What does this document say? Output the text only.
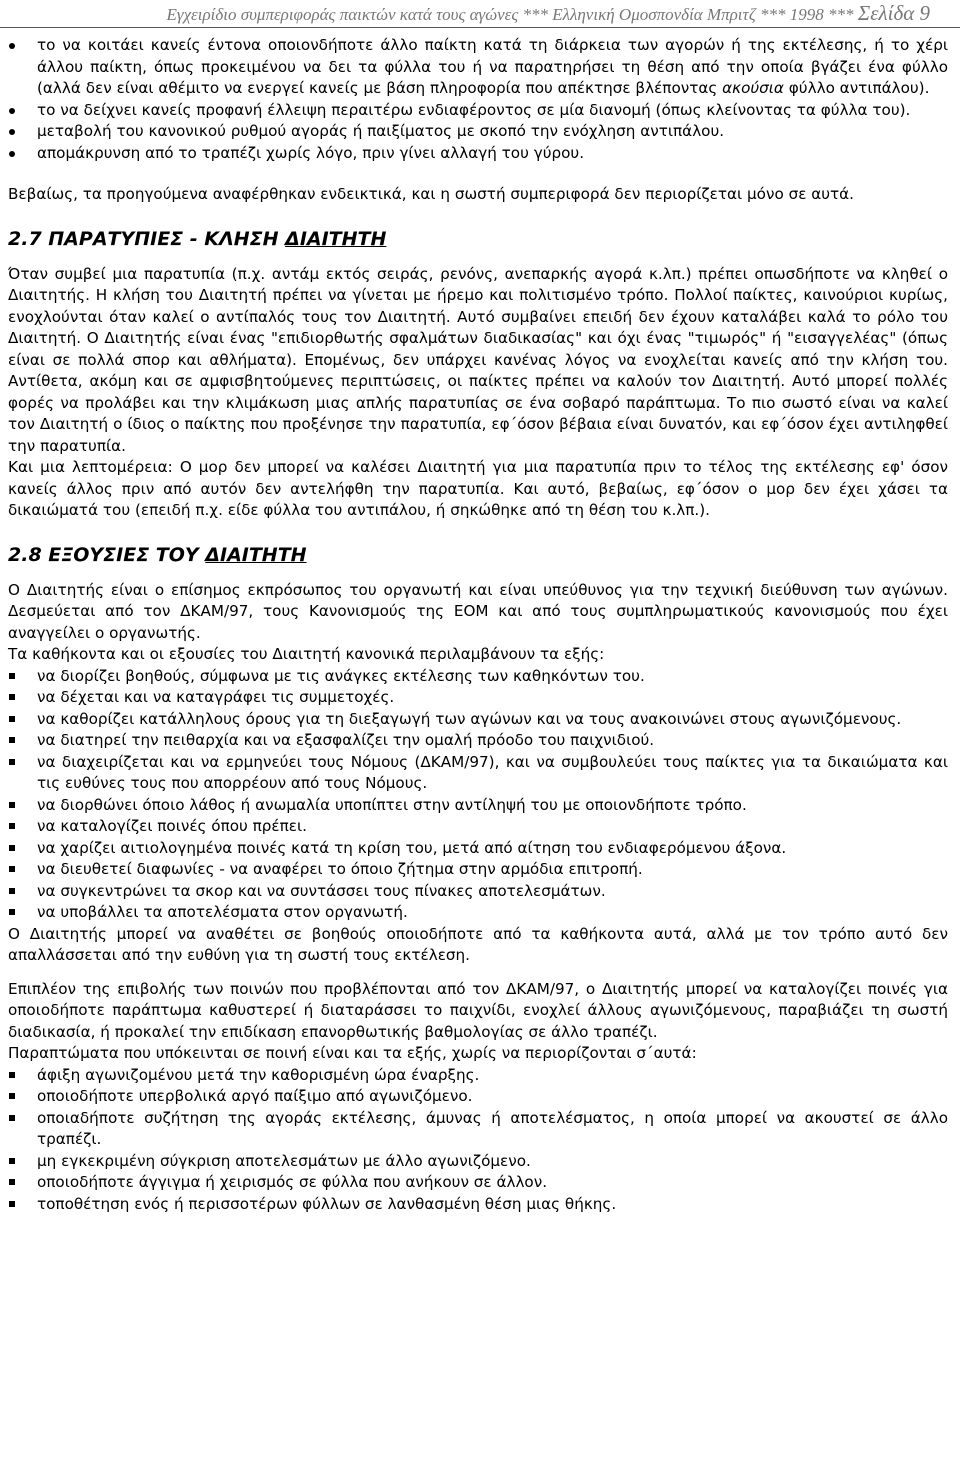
Εγχειρίδιο συμπεριφοράς παικτών κατά τους αγώνες *** Ελληνική Ομοσπονδία Μπριτζ *** 1998 *** Σελίδα 9
το να κοιτάει κανείς έντονα οποιονδήποτε άλλο παίκτη κατά τη διάρκεια των αγορών ή της εκτέλεσης, ή το χέρι άλλου παίκτη, όπως προκειμένου να δει τα φύλλα του ή να παρατηρήσει τη θέση από την οποία βγάζει ένα φύλλο (αλλά δεν είναι αθέμιτο να ενεργεί κανείς με βάση πληροφορία που απέκτησε βλέποντας ακούσια φύλλο αντιπάλου).
το να δείχνει κανείς προφανή έλλειψη περαιτέρω ενδιαφέροντος σε μία διανομή (όπως κλείνοντας τα φύλλα του).
μεταβολή του κανονικού ρυθμού αγοράς ή παιξίματος με σκοπό την ενόχληση αντιπάλου.
απομάκρυνση από το τραπέζι χωρίς λόγο, πριν γίνει αλλαγή του γύρου.

Βεβαίως, τα προηγούμενα αναφέρθηκαν ενδεικτικά, και η σωστή συμπεριφορά δεν περιορίζεται μόνο σε αυτά.

2.7 ΠΑΡΑΤΥΠΙΕΣ - ΚΛΗΣΗ ΔΙΑΙΤΗΤΗ

Όταν συμβεί μια παρατυπία (π.χ. αντάμ εκτός σειράς, ρενόνς, ανεπαρκής αγορά κ.λπ.) πρέπει οπωσδήποτε να κληθεί ο Διαιτητής. Η κλήση του Διαιτητή πρέπει να γίνεται με ήρεμο και πολιτισμένο τρόπο. Πολλοί παίκτες, καινούριοι κυρίως, ενοχλούνται όταν καλεί ο αντίπαλός τους τον Διαιτητή. Αυτό συμβαίνει επειδή δεν έχουν καταλάβει καλά το ρόλο του Διαιτητή. Ο Διαιτητής είναι ένας "επιδιορθωτής σφαλμάτων διαδικασίας" και όχι ένας "τιμωρός" ή "εισαγγελέας" (όπως είναι σε πολλά σπορ και αθλήματα). Επομένως, δεν υπάρχει κανένας λόγος να ενοχλείται κανείς από την κλήση του. Αντίθετα, ακόμη και σε αμφισβητούμενες περιπτώσεις, οι παίκτες πρέπει να καλούν τον Διαιτητή. Αυτό μπορεί πολλές φορές να προλάβει και την κλιμάκωση μιας απλής παρατυπίας σε ένα σοβαρό παράπτωμα. Το πιο σωστό είναι να καλεί τον Διαιτητή ο ίδιος ο παίκτης που προξένησε την παρατυπία, εφ΄όσον βέβαια είναι δυνατόν, και εφ΄όσον έχει αντιληφθεί την παρατυπία.

Και μια λεπτομέρεια: Ο μορ δεν μπορεί να καλέσει Διαιτητή για μια παρατυπία πριν το τέλος της εκτέλεσης εφ' όσον κανείς άλλος πριν από αυτόν δεν αντελήφθη την παρατυπία. Και αυτό, βεβαίως, εφ΄όσον ο μορ δεν έχει χάσει τα δικαιώματά του (επειδή π.χ. είδε φύλλα του αντιπάλου, ή σηκώθηκε από τη θέση του κ.λπ.).

2.8 ΕΞΟΥΣΙΕΣ ΤΟΥ ΔΙΑΙΤΗΤΗ

Ο Διαιτητής είναι ο επίσημος εκπρόσωπος του οργανωτή και είναι υπεύθυνος για την τεχνική διεύθυνση των αγώνων. Δεσμεύεται από τον ΔΚΑΜ/97, τους Κανονισμούς της ΕΟΜ και από τους συμπληρωματικούς κανονισμούς που έχει αναγγείλει ο οργανωτής.

Τα καθήκοντα και οι εξουσίες του Διαιτητή κανονικά περιλαμβάνουν τα εξής:

να διορίζει βοηθούς, σύμφωνα με τις ανάγκες εκτέλεσης των καθηκόντων του.
να δέχεται και να καταγράφει τις συμμετοχές.
να καθορίζει κατάλληλους όρους για τη διεξαγωγή των αγώνων και να τους ανακοινώνει στους αγωνιζόμενους.
να διατηρεί την πειθαρχία και να εξασφαλίζει την ομαλή πρόοδο του παιχνιδιού.
να διαχειρίζεται και να ερμηνεύει τους Νόμους (ΔΚΑΜ/97), και να συμβουλεύει τους παίκτες για τα δικαιώματα και τις ευθύνες τους που απορρέουν από τους Νόμους.
να διορθώνει όποιο λάθος ή ανωμαλία υποπίπτει στην αντίληψή του με οποιονδήποτε τρόπο.
να καταλογίζει ποινές όπου πρέπει.
να χαρίζει αιτιολογημένα ποινές κατά τη κρίση του, μετά από αίτηση του ενδιαφερόμενου άξονα.
να διευθετεί διαφωνίες - να αναφέρει το όποιο ζήτημα στην αρμόδια επιτροπή.
να συγκεντρώνει τα σκορ και να συντάσσει τους πίνακες αποτελεσμάτων.
να υποβάλλει τα αποτελέσματα στον οργανωτή.

Ο Διαιτητής μπορεί να αναθέτει σε βοηθούς οποιοδήποτε από τα καθήκοντα αυτά, αλλά με τον τρόπο αυτό δεν απαλλάσσεται από την ευθύνη για τη σωστή τους εκτέλεση.

Επιπλέον της επιβολής των ποινών που προβλέπονται από τον ΔΚΑΜ/97, ο Διαιτητής μπορεί να καταλογίζει ποινές για οποιοδήποτε παράπτωμα καθυστερεί ή διαταράσσει το παιχνίδι, ενοχλεί άλλους αγωνιζόμενους, παραβιάζει τη σωστή διαδικασία, ή προκαλεί την επιδίκαση επανορθωτικής βαθμολογίας σε άλλο τραπέζι.

Παραπτώματα που υπόκεινται σε ποινή είναι και τα εξής, χωρίς να περιορίζονται σ΄αυτά:

άφιξη αγωνιζομένου μετά την καθορισμένη ώρα έναρξης.
οποιοδήποτε υπερβολικά αργό παίξιμο από αγωνιζόμενο.
οποιαδήποτε συζήτηση της αγοράς εκτέλεσης, άμυνας ή αποτελέσματος, η οποία μπορεί να ακουστεί σε άλλο τραπέζι.
μη εγκεκριμένη σύγκριση αποτελεσμάτων με άλλο αγωνιζόμενο.
οποιοδήποτε άγγιγμα ή χειρισμός σε φύλλα που ανήκουν σε άλλον.
τοποθέτηση ενός ή περισσοτέρων φύλλων σε λανθασμένη θέση μιας θήκης.
